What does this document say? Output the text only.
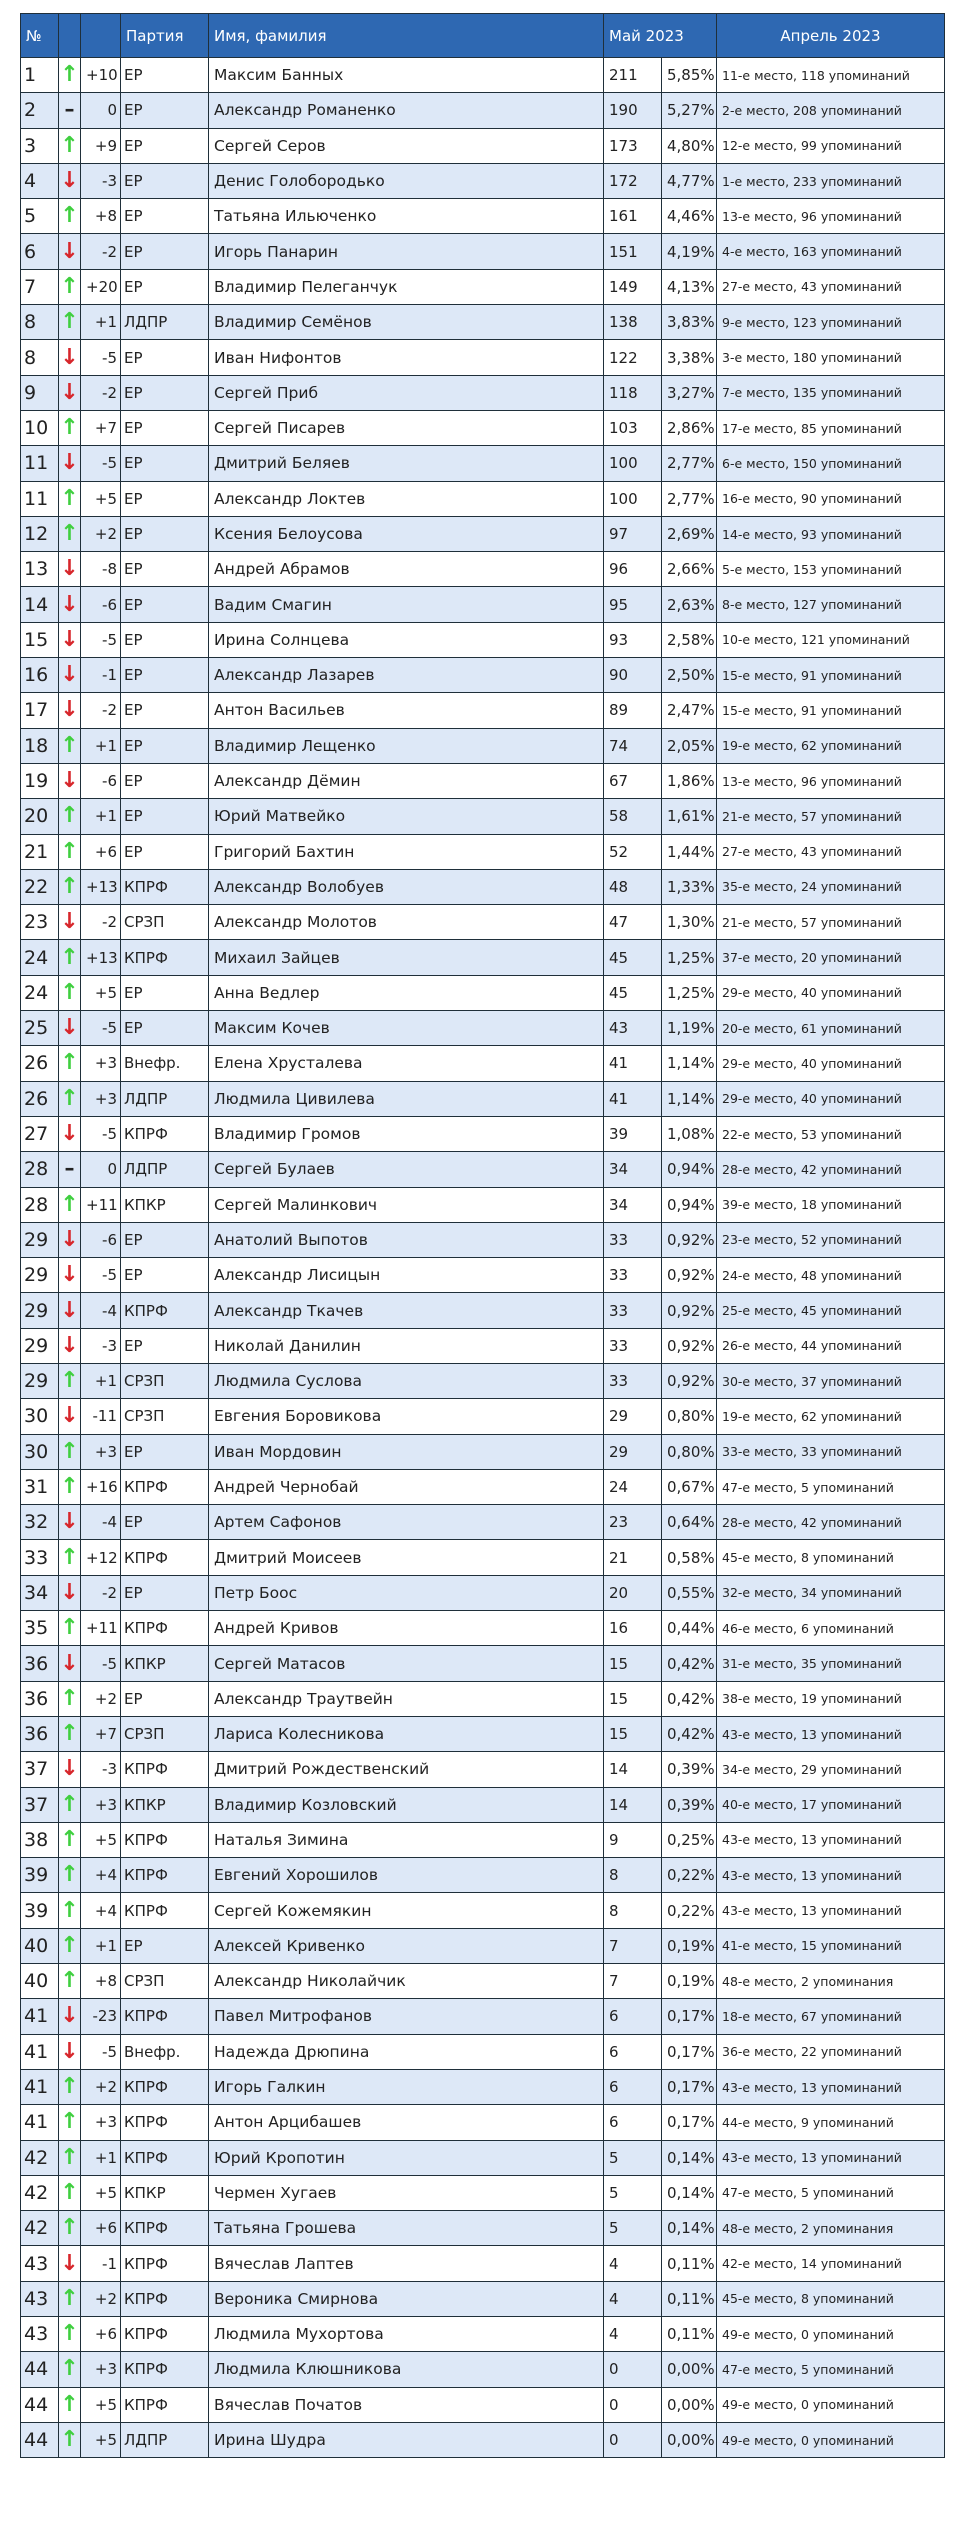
№			Партия	Имя, фамилия	Май 2023		Апрель 2023
1	↑	+10	ЕР	Максим Банных	211	5,85%	11-е место, 118 упоминаний
2	–	0	ЕР	Александр Романенко	190	5,27%	2-е место, 208 упоминаний
3	↑	+9	ЕР	Сергей Серов	173	4,80%	12-е место, 99 упоминаний
4	↓	-3	ЕР	Денис Голобородько	172	4,77%	1-е место, 233 упоминаний
5	↑	+8	ЕР	Татьяна Ильюченко	161	4,46%	13-е место, 96 упоминаний
6	↓	-2	ЕР	Игорь Панарин	151	4,19%	4-е место, 163 упоминаний
7	↑	+20	ЕР	Владимир Пелеганчук	149	4,13%	27-е место, 43 упоминаний
8	↑	+1	ЛДПР	Владимир Семёнов	138	3,83%	9-е место, 123 упоминаний
8	↓	-5	ЕР	Иван Нифонтов	122	3,38%	3-е место, 180 упоминаний
9	↓	-2	ЕР	Сергей Приб	118	3,27%	7-е место, 135 упоминаний
10	↑	+7	ЕР	Сергей Писарев	103	2,86%	17-е место, 85 упоминаний
11	↓	-5	ЕР	Дмитрий Беляев	100	2,77%	6-е место, 150 упоминаний
11	↑	+5	ЕР	Александр Локтев	100	2,77%	16-е место, 90 упоминаний
12	↑	+2	ЕР	Ксения Белоусова	97	2,69%	14-е место, 93 упоминаний
13	↓	-8	ЕР	Андрей Абрамов	96	2,66%	5-е место, 153 упоминаний
14	↓	-6	ЕР	Вадим Смагин	95	2,63%	8-е место, 127 упоминаний
15	↓	-5	ЕР	Ирина Солнцева	93	2,58%	10-е место, 121 упоминаний
16	↓	-1	ЕР	Александр Лазарев	90	2,50%	15-е место, 91 упоминаний
17	↓	-2	ЕР	Антон Васильев	89	2,47%	15-е место, 91 упоминаний
18	↑	+1	ЕР	Владимир Лещенко	74	2,05%	19-е место, 62 упоминаний
19	↓	-6	ЕР	Александр Дёмин	67	1,86%	13-е место, 96 упоминаний
20	↑	+1	ЕР	Юрий Матвейко	58	1,61%	21-е место, 57 упоминаний
21	↑	+6	ЕР	Григорий Бахтин	52	1,44%	27-е место, 43 упоминаний
22	↑	+13	КПРФ	Александр Волобуев	48	1,33%	35-е место, 24 упоминаний
23	↓	-2	СРЗП	Александр Молотов	47	1,30%	21-е место, 57 упоминаний
24	↑	+13	КПРФ	Михаил Зайцев	45	1,25%	37-е место, 20 упоминаний
24	↑	+5	ЕР	Анна Ведлер	45	1,25%	29-е место, 40 упоминаний
25	↓	-5	ЕР	Максим Кочев	43	1,19%	20-е место, 61 упоминаний
26	↑	+3	Внефр.	Елена Хрусталева	41	1,14%	29-е место, 40 упоминаний
26	↑	+3	ЛДПР	Людмила Цивилева	41	1,14%	29-е место, 40 упоминаний
27	↓	-5	КПРФ	Владимир Громов	39	1,08%	22-е место, 53 упоминаний
28	–	0	ЛДПР	Сергей Булаев	34	0,94%	28-е место, 42 упоминаний
28	↑	+11	КПКР	Сергей Малинкович	34	0,94%	39-е место, 18 упоминаний
29	↓	-6	ЕР	Анатолий Выпотов	33	0,92%	23-е место, 52 упоминаний
29	↓	-5	ЕР	Александр Лисицын	33	0,92%	24-е место, 48 упоминаний
29	↓	-4	КПРФ	Александр Ткачев	33	0,92%	25-е место, 45 упоминаний
29	↓	-3	ЕР	Николай Данилин	33	0,92%	26-е место, 44 упоминаний
29	↑	+1	СРЗП	Людмила Суслова	33	0,92%	30-е место, 37 упоминаний
30	↓	-11	СРЗП	Евгения Боровикова	29	0,80%	19-е место, 62 упоминаний
30	↑	+3	ЕР	Иван Мордовин	29	0,80%	33-е место, 33 упоминаний
31	↑	+16	КПРФ	Андрей Чернобай	24	0,67%	47-е место, 5 упоминаний
32	↓	-4	ЕР	Артем Сафонов	23	0,64%	28-е место, 42 упоминаний
33	↑	+12	КПРФ	Дмитрий Моисеев	21	0,58%	45-е место, 8 упоминаний
34	↓	-2	ЕР	Петр Боос	20	0,55%	32-е место, 34 упоминаний
35	↑	+11	КПРФ	Андрей Кривов	16	0,44%	46-е место, 6 упоминаний
36	↓	-5	КПКР	Сергей Матасов	15	0,42%	31-е место, 35 упоминаний
36	↑	+2	ЕР	Александр Траутвейн	15	0,42%	38-е место, 19 упоминаний
36	↑	+7	СРЗП	Лариса Колесникова	15	0,42%	43-е место, 13 упоминаний
37	↓	-3	КПРФ	Дмитрий Рождественский	14	0,39%	34-е место, 29 упоминаний
37	↑	+3	КПКР	Владимир Козловский	14	0,39%	40-е место, 17 упоминаний
38	↑	+5	КПРФ	Наталья Зимина	9	0,25%	43-е место, 13 упоминаний
39	↑	+4	КПРФ	Евгений Хорошилов	8	0,22%	43-е место, 13 упоминаний
39	↑	+4	КПРФ	Сергей Кожемякин	8	0,22%	43-е место, 13 упоминаний
40	↑	+1	ЕР	Алексей Кривенко	7	0,19%	41-е место, 15 упоминаний
40	↑	+8	СРЗП	Александр Николайчик	7	0,19%	48-е место, 2 упоминания
41	↓	-23	КПРФ	Павел Митрофанов	6	0,17%	18-е место, 67 упоминаний
41	↓	-5	Внефр.	Надежда Дрюпина	6	0,17%	36-е место, 22 упоминаний
41	↑	+2	КПРФ	Игорь Галкин	6	0,17%	43-е место, 13 упоминаний
41	↑	+3	КПРФ	Антон Арцибашев	6	0,17%	44-е место, 9 упоминаний
42	↑	+1	КПРФ	Юрий Кропотин	5	0,14%	43-е место, 13 упоминаний
42	↑	+5	КПКР	Чермен Хугаев	5	0,14%	47-е место, 5 упоминаний
42	↑	+6	КПРФ	Татьяна Грошева	5	0,14%	48-е место, 2 упоминания
43	↓	-1	КПРФ	Вячеслав Лаптев	4	0,11%	42-е место, 14 упоминаний
43	↑	+2	КПРФ	Вероника Смирнова	4	0,11%	45-е место, 8 упоминаний
43	↑	+6	КПРФ	Людмила Мухортова	4	0,11%	49-е место, 0 упоминаний
44	↑	+3	КПРФ	Людмила Клюшникова	0	0,00%	47-е место, 5 упоминаний
44	↑	+5	КПРФ	Вячеслав Початов	0	0,00%	49-е место, 0 упоминаний
44	↑	+5	ЛДПР	Ирина Шудра	0	0,00%	49-е место, 0 упоминаний
